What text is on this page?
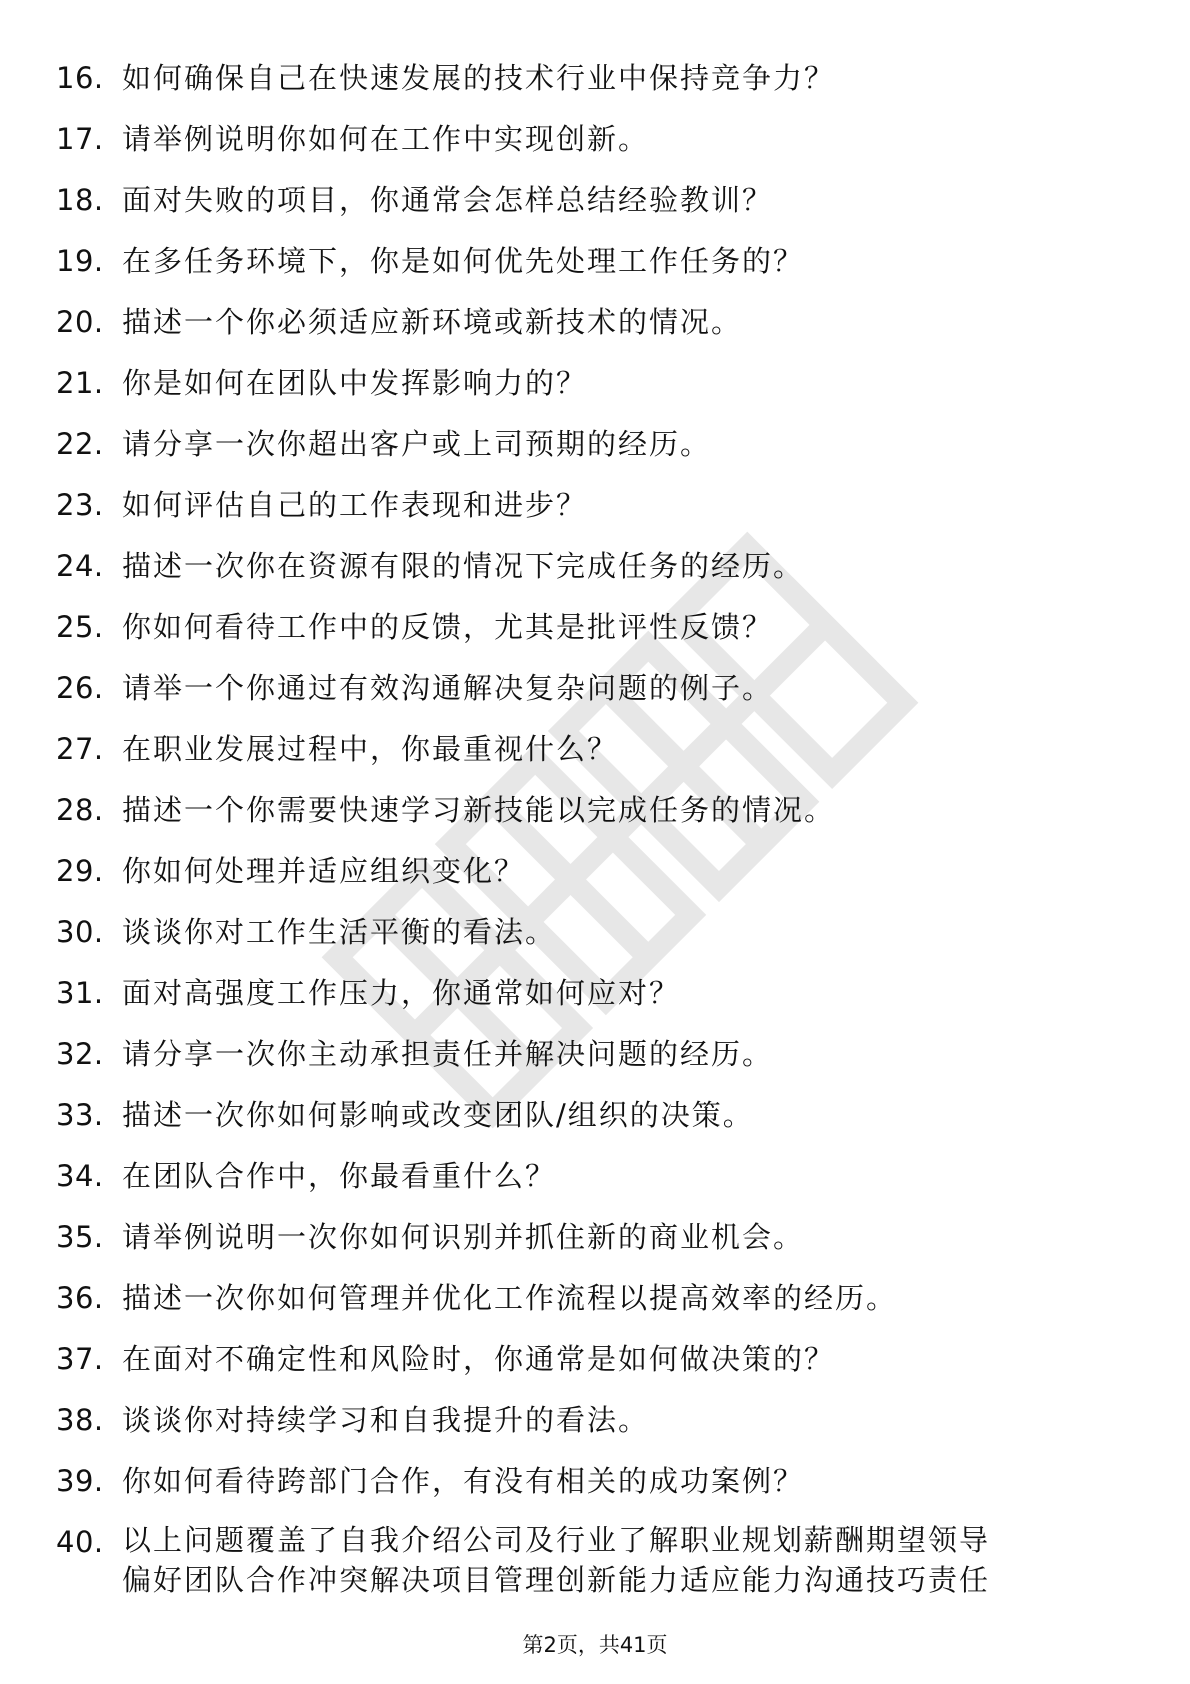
16. 如何确保自己在快速发展的技术行业中保持竞争力？
17. 请举例说明你如何在工作中实现创新。
18. 面对失败的项目，你通常会怎样总结经验教训？
19. 在多任务环境下，你是如何优先处理工作任务的？
20. 描述一个你必须适应新环境或新技术的情况。
21. 你是如何在团队中发挥影响力的？
22. 请分享一次你超出客户或上司预期的经历。
23. 如何评估自己的工作表现和进步？
24. 描述一次你在资源有限的情况下完成任务的经历。
25. 你如何看待工作中的反馈，尤其是批评性反馈？
26. 请举一个你通过有效沟通解决复杂问题的例子。
27. 在职业发展过程中，你最重视什么？
28. 描述一个你需要快速学习新技能以完成任务的情况。
29. 你如何处理并适应组织变化？
30. 谈谈你对工作生活平衡的看法。
31. 面对高强度工作压力，你通常如何应对？
32. 请分享一次你主动承担责任并解决问题的经历。
33. 描述一次你如何影响或改变团队/组织的决策。
34. 在团队合作中，你最看重什么？
35. 请举例说明一次你如何识别并抓住新的商业机会。
36. 描述一次你如何管理并优化工作流程以提高效率的经历。
37. 在面对不确定性和风险时，你通常是如何做决策的？
38. 谈谈你对持续学习和自我提升的看法。
39. 你如何看待跨部门合作，有没有相关的成功案例？
40. 以上问题覆盖了自我介绍公司及行业了解职业规划薪酬期望领导
偏好团队合作冲突解决项目管理创新能力适应能力沟通技巧责任
第2页，共41页
